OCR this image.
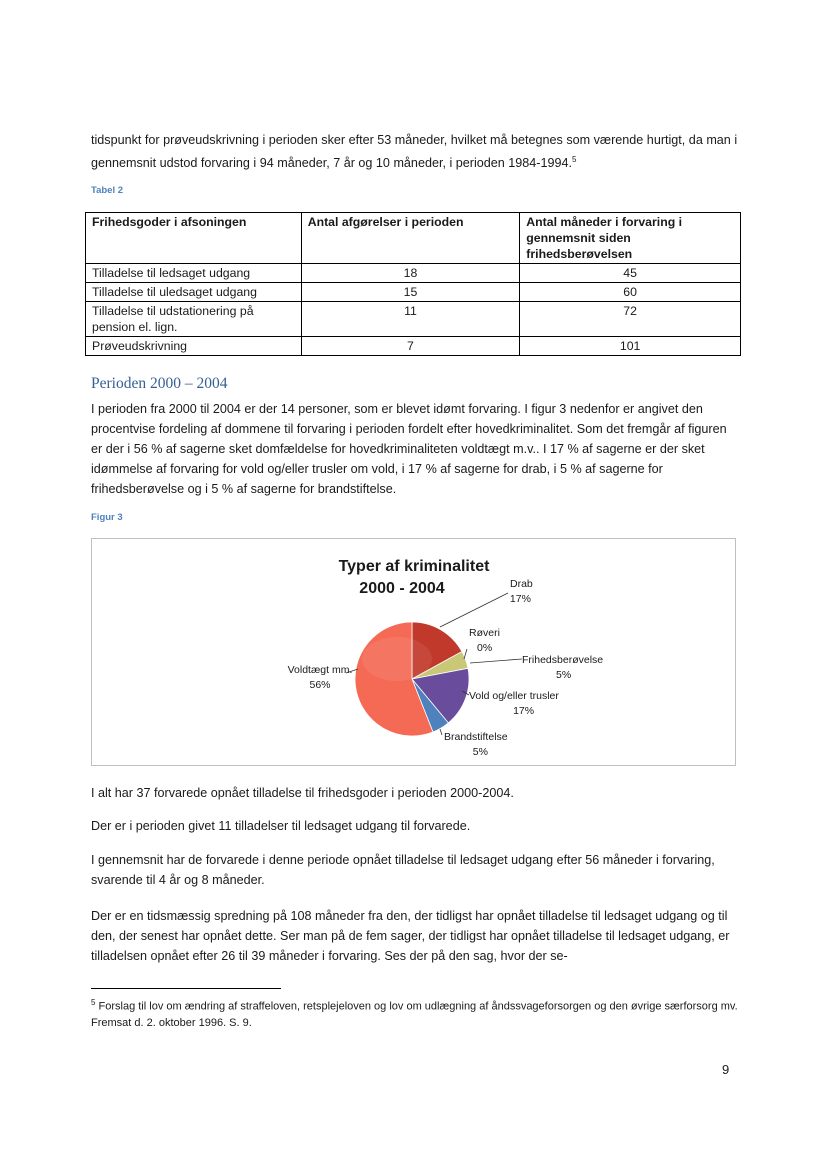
tidspunkt for prøveudskrivning i perioden sker efter 53 måneder, hvilket må betegnes som værende hurtigt, da man i gennemsnit udstod forvaring i 94 måneder, 7 år og 10 måneder, i perioden 1984-1994.$^5$

Tabel 2
Frihedsgoder i afsoningen	Antal afgørelser i perioden	Antal måneder i forvaring i gennemsnit siden frihedsberøvelsen
Tilladelse til ledsaget udgang	18	45
Tilladelse til uledsaget udgang	15	60
Tilladelse til udstationering på pension el. lign.	11	72
Prøveudskrivning	7	101
Perioden 2000 – 2004

I perioden fra 2000 til 2004 er der 14 personer, som er blevet idømt forvaring. I figur 3 nedenfor er angivet den procentvise fordeling af dommene til forvaring i perioden fordelt efter hovedkriminalitet. Som det fremgår af figuren er der i 56 % af sagerne sket domfældelse for hovedkriminaliteten voldtægt m.v.. I 17 % af sagerne er der sket idømmelse af forvaring for vold og/eller trusler om vold, i 17 % af sagerne for drab, i 5 % af sagerne for frihedsberøvelse og i 5 % af sagerne for brandstiftelse.

Figur 3
Typer af kriminalitet
2000 - 2004	Drab
17%
Røveri
0%
Frihedsberøvelse
5%
Vold og/eller trusler
17%
Brandstiftelse
5%
Voldtægt mm.
56%

I alt har 37 forvarede opnået tilladelse til frihedsgoder i perioden 2000-2004.

Der er i perioden givet 11 tilladelser til ledsaget udgang til forvarede.

I gennemsnit har de forvarede i denne periode opnået tilladelse til ledsaget udgang efter 56 måneder i forvaring, svarende til 4 år og 8 måneder.

Der er en tidsmæssig spredning på 108 måneder fra den, der tidligst har opnået tilladelse til ledsaget udgang og til den, der senest har opnået dette. Ser man på de fem sager, der tidligst har opnået tilladelse til ledsaget udgang, er tilladelsen opnået efter 26 til 39 måneder i forvaring. Ses der på den sag, hvor der se-

$^5$ Forslag til lov om ændring af straffeloven, retsplejeloven og lov om udlægning af åndssvageforsorgen og den øvrige særforsorg mv. Fremsat d. 2. oktober 1996. S. 9.
9
